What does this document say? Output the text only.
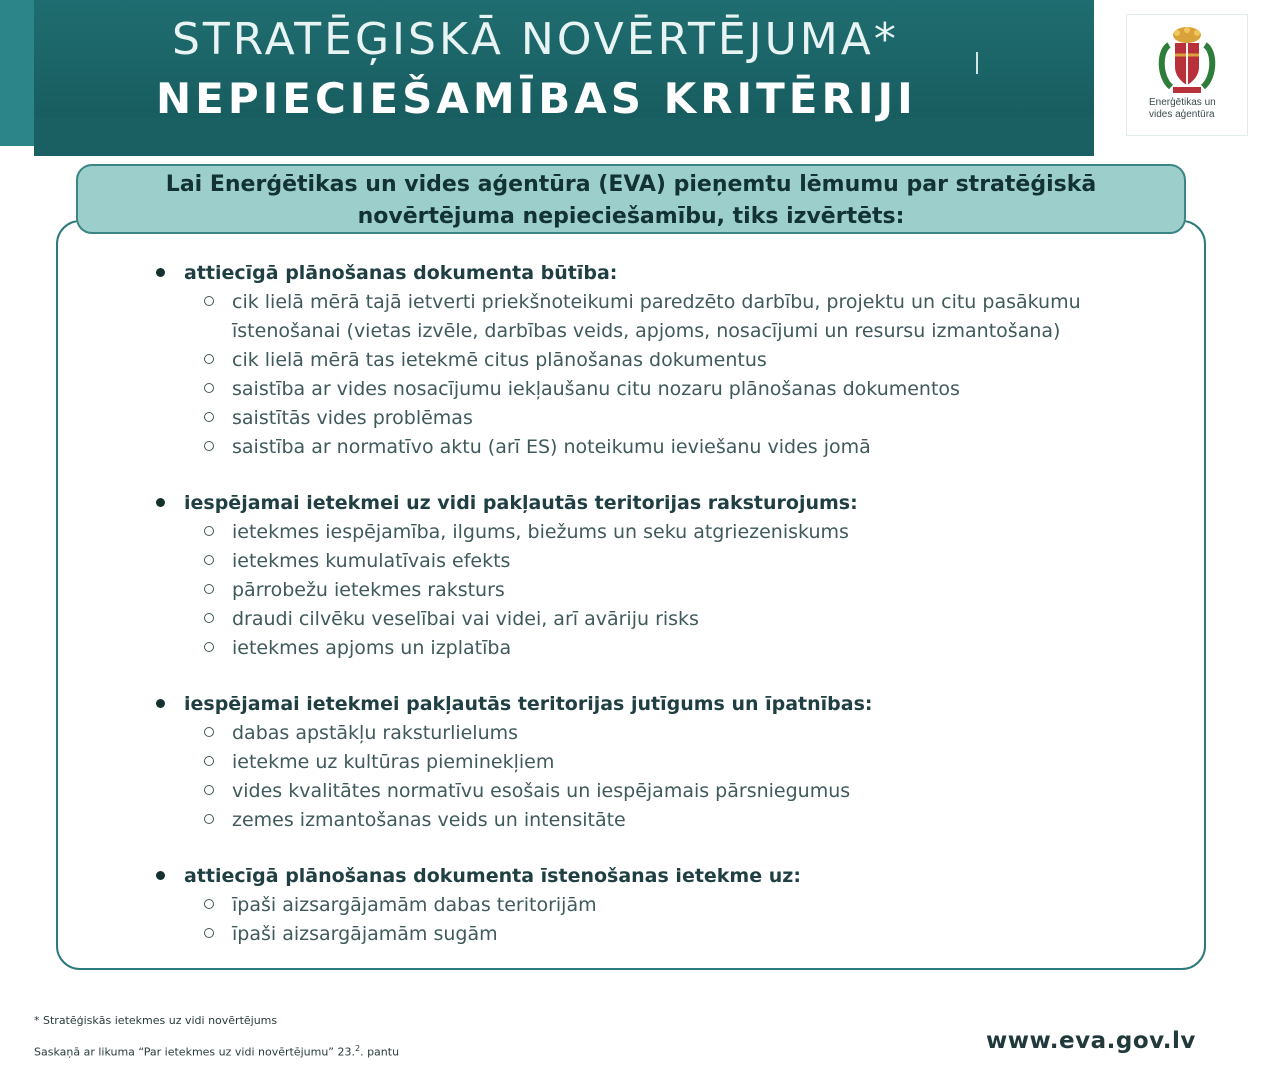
STRATĒĢISKĀ NOVĒRTĒJUMA*
NEPIECIEŠAMĪBAS KRITĒRIJI	Enerģētikas un
vides aģentūra
Lai Enerģētikas un vides aģentūra (EVA) pieņemtu lēmumu par stratēģiskā
novērtējuma nepieciešamību, tiks izvērtēts:
attiecīgā plānošanas dokumenta būtība:
cik lielā mērā tajā ietverti priekšnoteikumi paredzēto darbību, projektu un citu pasākumu īstenošanai (vietas izvēle, darbības veids, apjoms, nosacījumi un resursu izmantošana)
cik lielā mērā tas ietekmē citus plānošanas dokumentus
saistība ar vides nosacījumu iekļaušanu citu nozaru plānošanas dokumentos
saistītās vides problēmas
saistība ar normatīvo aktu (arī ES) noteikumu ieviešanu vides jomā
iespējamai ietekmei uz vidi pakļautās teritorijas raksturojums:
ietekmes iespējamība, ilgums, biežums un seku atgriezeniskums
ietekmes kumulatīvais efekts
pārrobežu ietekmes raksturs
draudi cilvēku veselībai vai videi, arī avāriju risks
ietekmes apjoms un izplatība
iespējamai ietekmei pakļautās teritorijas jutīgums un īpatnības:
dabas apstākļu raksturlielums
ietekme uz kultūras pieminekļiem
vides kvalitātes normatīvu esošais un iespējamais pārsniegumus
zemes izmantošanas veids un intensitāte
attiecīgā plānošanas dokumenta īstenošanas ietekme uz:
īpaši aizsargājamām dabas teritorijām
īpaši aizsargājamām sugām
* Stratēģiskās ietekmes uz vidi novērtējums
Saskaņā ar likuma “Par ietekmes uz vidi novērtējumu” 23.$^2$. pantu	www.eva.gov.lv
